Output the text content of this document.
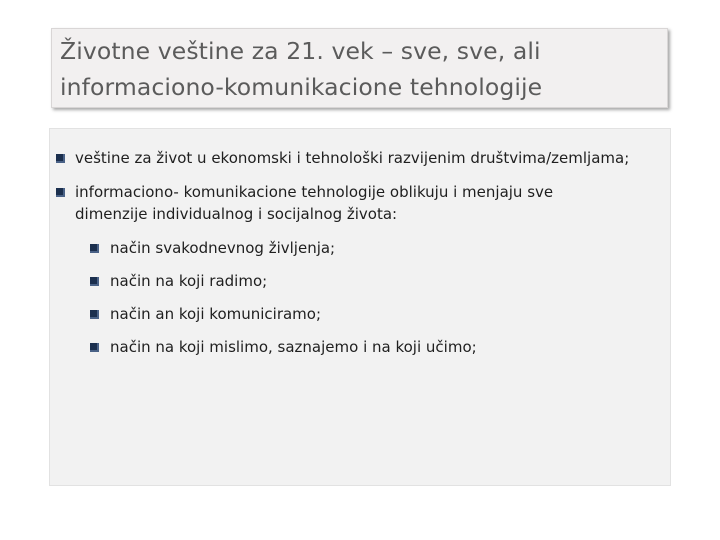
Životne veštine za 21. vek – sve, sve, ali informaciono-komunikacione tehnologije
veštine za život u ekonomski i tehnološki razvijenim društvima/zemljama;
informaciono- komunikacione tehnologije oblikuju i menjaju sve dimenzije individualnog i socijalnog života:
način svakodnevnog življenja;
način na koji radimo;
način an koji komuniciramo;
način na koji mislimo, saznajemo i na koji učimo;
